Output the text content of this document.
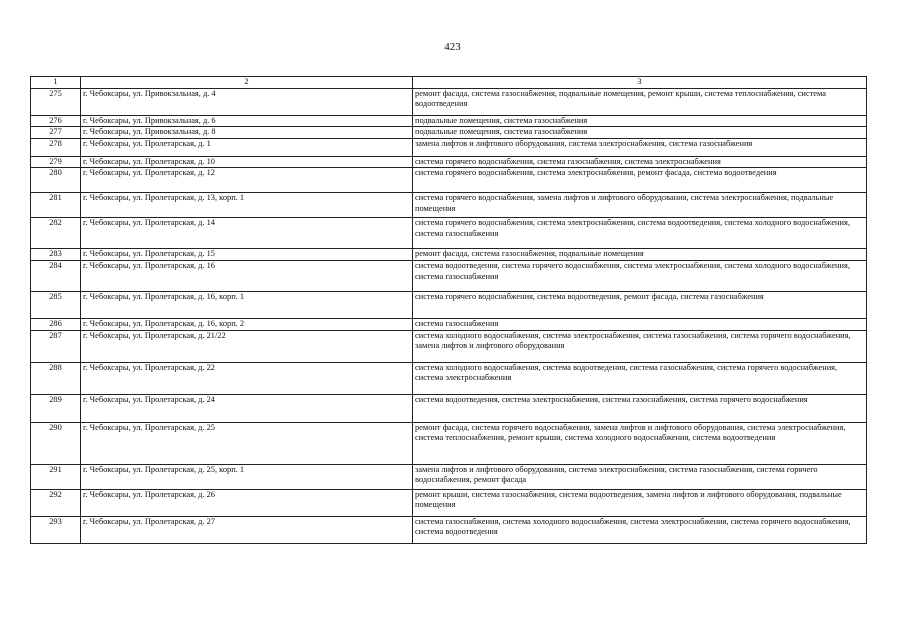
423
1	2	3
275	г. Чебоксары, ул. Привокзальная, д. 4	ремонт фасада, система газоснабжения, подвальные помещения, ремонт крыши, система теплоснабжения, система водоотведения
276	г. Чебоксары, ул. Привокзальная, д. 6	подвальные помещения, система газоснабжения
277	г. Чебоксары, ул. Привокзальная, д. 8	подвальные помещения, система газоснабжения
278	г. Чебоксары, ул. Пролетарская, д. 1	замена лифтов и лифтового оборудования, система электроснабжения, система газоснабжения
279	г. Чебоксары, ул. Пролетарская, д. 10	система горячего водоснабжения, система газоснабжения, система электроснабжения
280	г. Чебоксары, ул. Пролетарская, д. 12	система горячего водоснабжения, система электроснабжения, ремонт фасада, система водоотведения
281	г. Чебоксары, ул. Пролетарская, д. 13, корп. 1	система горячего водоснабжения, замена лифтов и лифтового оборудования, система электроснабжения, подвальные помещения
282	г. Чебоксары, ул. Пролетарская, д. 14	система горячего водоснабжения, система электроснабжения, система водоотведения, система холодного водоснабжения, система газоснабжения
283	г. Чебоксары, ул. Пролетарская, д. 15	ремонт фасада, система газоснабжения, подвальные помещения
284	г. Чебоксары, ул. Пролетарская, д. 16	система водоотведения, система горячего водоснабжения, система электроснабжения, система холодного водоснабжения, система газоснабжения
285	г. Чебоксары, ул. Пролетарская, д. 16, корп. 1	система горячего водоснабжения, система водоотведения, ремонт фасада, система газоснабжения
286	г. Чебоксары, ул. Пролетарская, д. 16, корп. 2	система газоснабжения
287	г. Чебоксары, ул. Пролетарская, д. 21/22	система холодного водоснабжения, система электроснабжения, система газоснабжения, система горячего водоснабжения, замена лифтов и лифтового оборудования
288	г. Чебоксары, ул. Пролетарская, д. 22	система холодного водоснабжения, система водоотведения, система газоснабжения, система горячего водоснабжения, система электроснабжения
289	г. Чебоксары, ул. Пролетарская, д. 24	система водоотведения, система электроснабжения, система газоснабжения, система горячего водоснабжения
290	г. Чебоксары, ул. Пролетарская, д. 25	ремонт фасада, система горячего водоснабжения, замена лифтов и лифтового оборудования, система электроснабжения, система теплоснабжения, ремонт крыши, система холодного водоснабжения, система водоотведения
291	г. Чебоксары, ул. Пролетарская, д. 25, корп. 1	замена лифтов и лифтового оборудования, система электроснабжения, система газоснабжения, система горячего водоснабжения, ремонт фасада
292	г. Чебоксары, ул. Пролетарская, д. 26	ремонт крыши, система газоснабжения, система водоотведения, замена лифтов и лифтового оборудования, подвальные помещения
293	г. Чебоксары, ул. Пролетарская, д. 27	система газоснабжения, система холодного водоснабжения, система электроснабжения, система горячего водоснабжения, система водоотведения
